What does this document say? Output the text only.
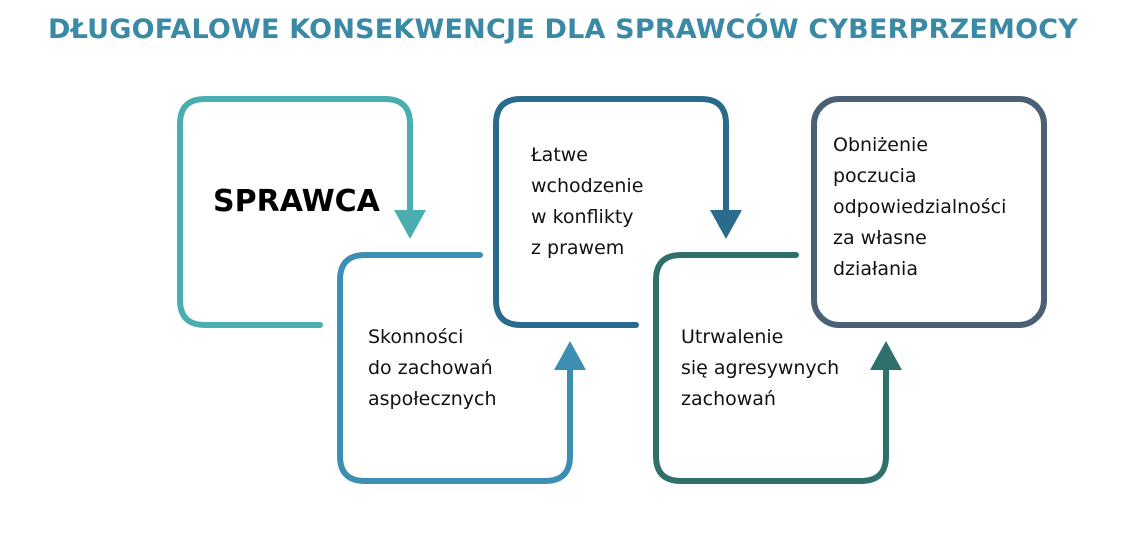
DŁUGOFALOWE KONSEKWENCJE DLA SPRAWCÓW CYBERPRZEMOCY
SPRAWCA
Skonności
do zachowań
aspołecznych
Łatwe
wchodzenie
w konflikty
z prawem
Utrwalenie
się agresywnych
zachowań
Obniżenie
poczucia
odpowiedzialności
za własne
działania
